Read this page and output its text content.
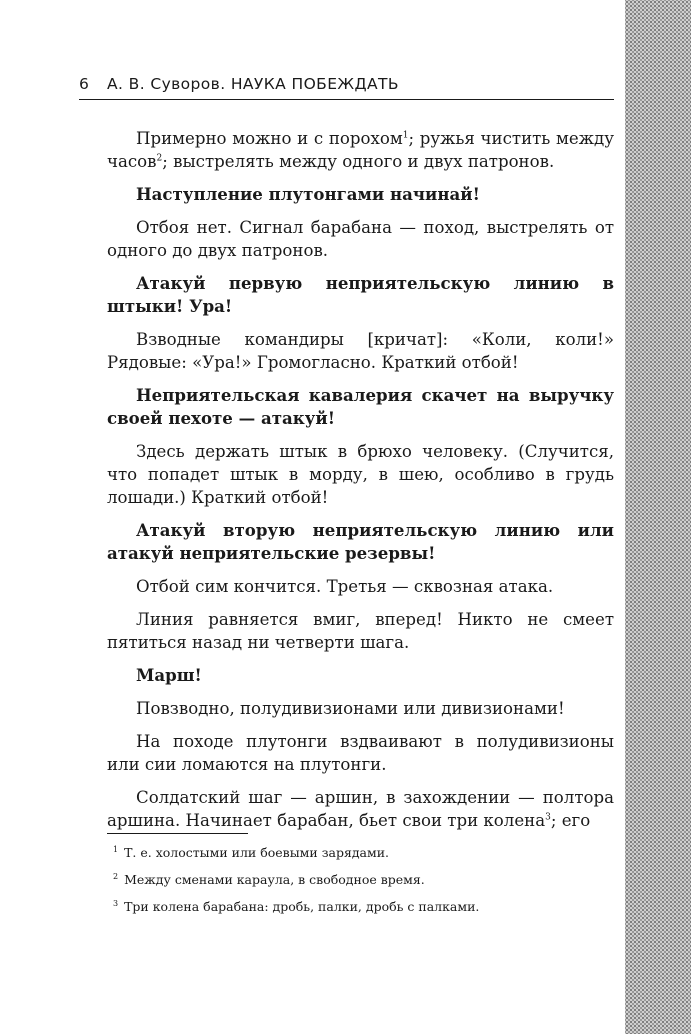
6 А. В. Суворов. НАУКА ПОБЕЖДАТЬ

Примерно можно и с порохом$^1$; ружья чистить между часов$^2$; выстрелять между одного и двух патронов.

Наступление плутонгами начинай!

Отбоя нет. Сигнал барабана — поход, выстрелять от одного до двух патронов.

Атакуй первую неприятельскую линию в штыки! Ура!

Взводные командиры [кричат]: «Коли, коли!» Рядовые: «Ура!» Громогласно. Краткий отбой!

Неприятельская кавалерия скачет на выручку своей пехоте — атакуй!

Здесь держать штык в брюхо человеку. (Случится, что попадет штык в морду, в шею, особливо в грудь лошади.) Краткий отбой!

Атакуй вторую неприятельскую линию или атакуй неприятельские резервы!

Отбой сим кончится. Третья — сквозная атака.

Линия равняется вмиг, вперед! Никто не смеет пятиться назад ни четверти шага.

Марш!

Повзводно, полудивизионами или дивизионами!

На походе плутонги вздваивают в полудивизионы или сии ломаются на плутонги.

Солдатский шаг — аршин, в захождении — полтора аршина. Начинает барабан, бьет свои три колена$^3$; его

$^1$ Т. е. холостыми или боевыми зарядами.
$^2$ Между сменами караула, в свободное время.
$^3$ Три колена барабана: дробь, палки, дробь с палками.
